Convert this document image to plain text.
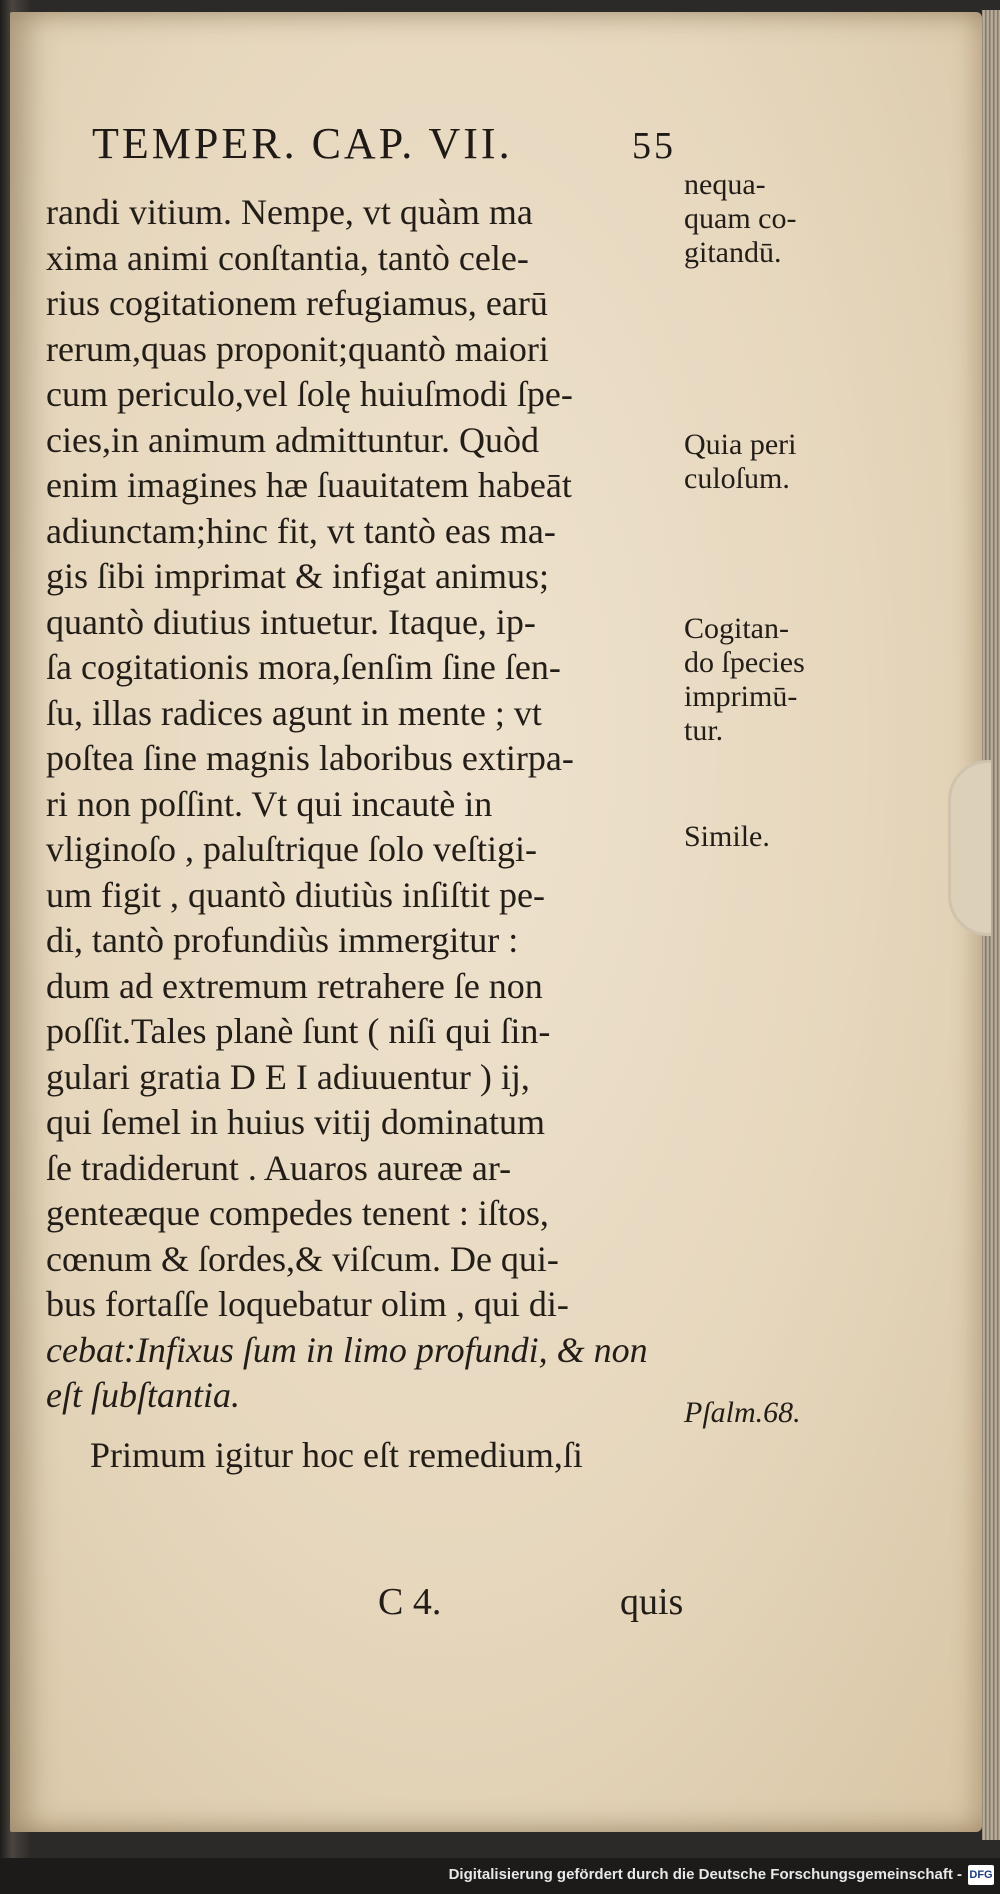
TEMPER. CAP. VII.	55
randi vitium. Nempe, vt quàm ma
xima animi conſtantia, tantò cele-
rius cogitationem refugiamus, earū
rerum,quas proponit;quantò maiori
cum periculo,vel ſolę huiuſmodi ſpe-
cies,in animum admittuntur. Quòd
enim imagines hæ ſuauitatem habeāt
adiunctam;hinc fit, vt tantò eas ma-
gis ſibi imprimat & infigat animus;
quantò diutius intuetur. Itaque, ip-
ſa cogitationis mora,ſenſim ſine ſen-
ſu, illas radices agunt in mente ; vt
poſtea ſine magnis laboribus extirpa-
ri non poſſint. Vt qui incautè in
vliginoſo , paluſtrique ſolo veſtigi-
um figit , quantò diutiùs inſiſtit pe-
di, tantò profundiùs immergitur :
dum ad extremum retrahere ſe non
poſſit.Tales planè ſunt ( niſi qui ſin-
gulari gratia D E I adiuuentur ) ij,
qui ſemel in huius vitij dominatum
ſe tradiderunt . Auaros aureæ ar-
genteæque compedes tenent : iſtos,
cœnum & ſordes,& viſcum. De qui-
bus fortaſſe loquebatur olim , qui di-
cebat:Infixus ſum in limo profundi, & non
eſt ſubſtantia.
Primum igitur hoc eſt remedium,ſi
nequa-
quam co-
gitandū.
Quia peri
culoſum.
Cogitan-
do ſpecies
imprimū-
tur.
Simile.
Pſalm.68.
C 4.	quis
Digitalisierung gefördert durch die Deutsche Forschungsgemeinschaft - DFG
